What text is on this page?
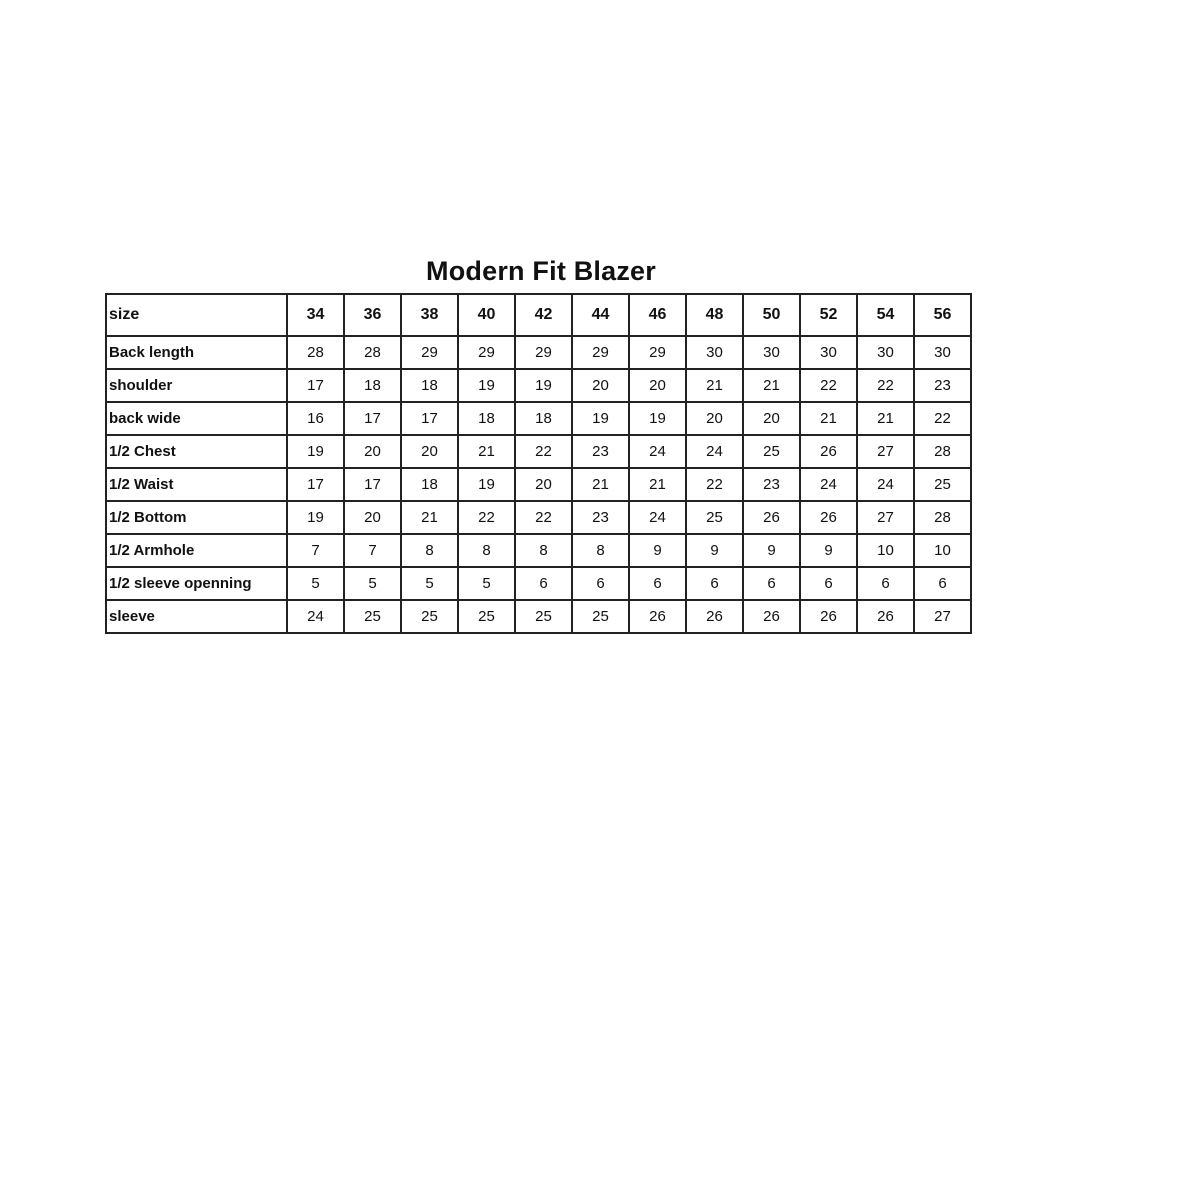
Modern Fit Blazer
size	34	36	38	40	42	44	46	48	50	52	54	56
Back length	28	28	29	29	29	29	29	30	30	30	30	30
shoulder	17	18	18	19	19	20	20	21	21	22	22	23
back wide	16	17	17	18	18	19	19	20	20	21	21	22
1/2 Chest	19	20	20	21	22	23	24	24	25	26	27	28
1/2 Waist	17	17	18	19	20	21	21	22	23	24	24	25
1/2 Bottom	19	20	21	22	22	23	24	25	26	26	27	28
1/2 Armhole	7	7	8	8	8	8	9	9	9	9	10	10
1/2 sleeve openning	5	5	5	5	6	6	6	6	6	6	6	6
sleeve	24	25	25	25	25	25	26	26	26	26	26	27
